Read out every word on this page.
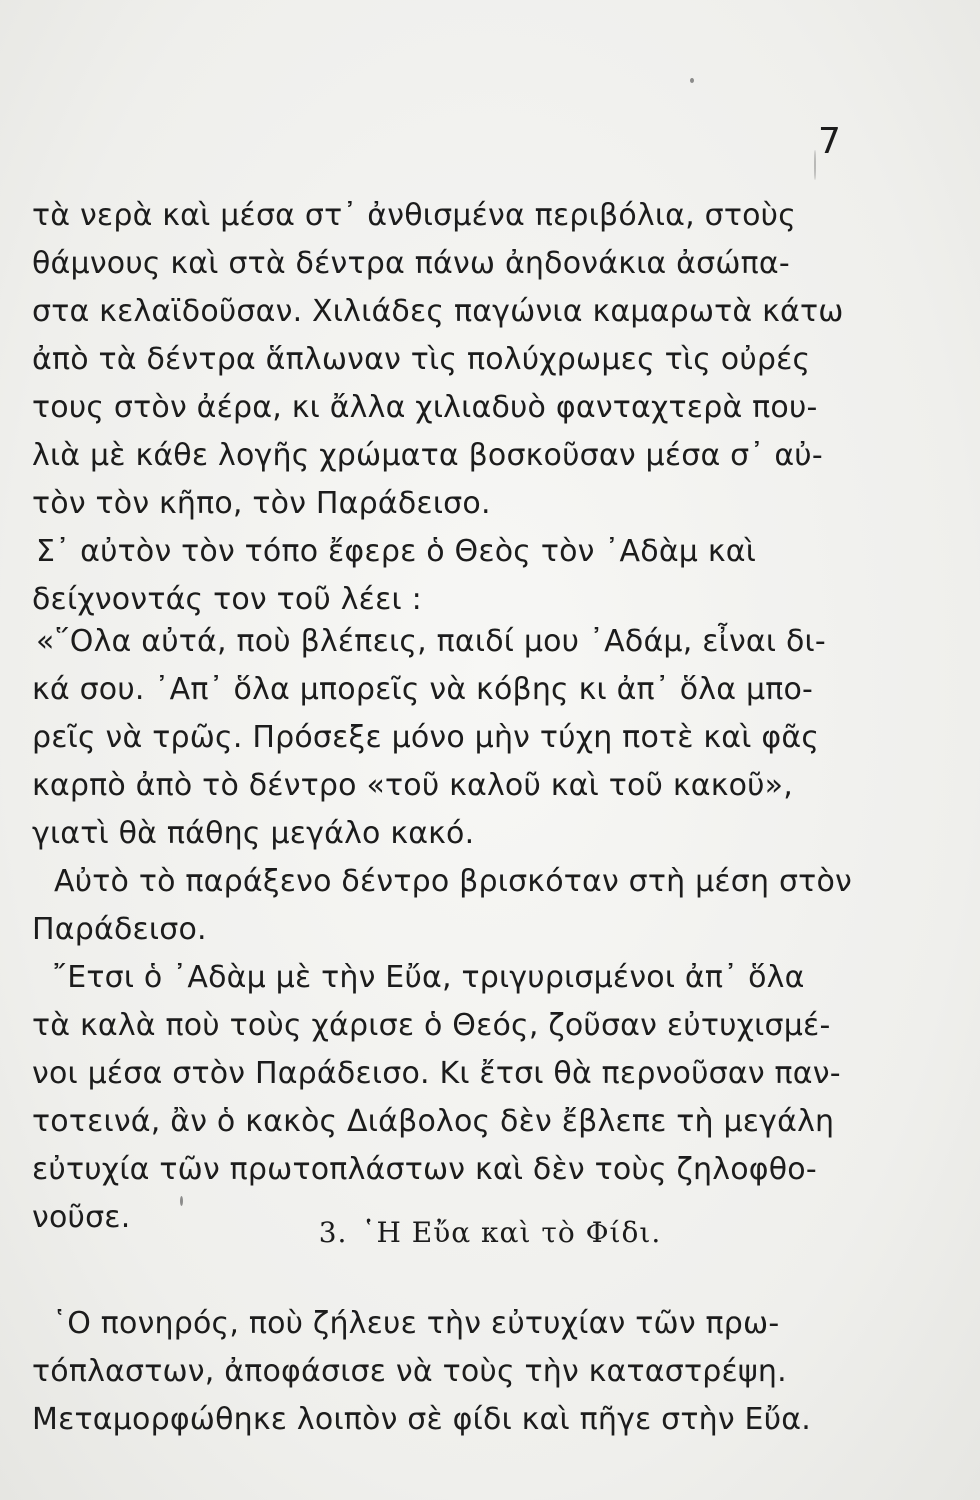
7
τὰ νερὰ καὶ μέσα στ᾽ ἀνθισμένα περιβόλια, στοὺς
θάμνους καὶ στὰ δέντρα πάνω ἀηδονάκια ἀσώπα-
στα κελαϊδοῦσαν. Χιλιάδες παγώνια καμαρωτὰ κάτω
ἀπὸ τὰ δέντρα ἅπλωναν τὶς πολύχρωμες τὶς οὐρές
τους στὸν ἀέρα, κι ἄλλα χιλιαδυὸ φανταχτερὰ που-
λιὰ μὲ κάθε λογῆς χρώματα βοσκοῦσαν μέσα σ᾽ αὐ-
τὸν τὸν κῆπο, τὸν Παράδεισο.
Σ᾽ αὐτὸν τὸν τόπο ἔφερε ὁ Θεὸς τὸν ᾽Αδὰμ καὶ
δείχνοντάς τον τοῦ λέει :
«῞Ολα αὐτά, ποὺ βλέπεις, παιδί μου ᾽Αδάμ, εἶναι δι-
κά σου. ᾽Απ᾽ ὅλα μπορεῖς νὰ κόβης κι ἀπ᾽ ὅλα μπο-
ρεῖς νὰ τρῶς. Πρόσεξε μόνο μὴν τύχη ποτὲ καὶ φᾶς
καρπὸ ἀπὸ τὸ δέντρο «τοῦ καλοῦ καὶ τοῦ κακοῦ»,
γιατὶ θὰ πάθης μεγάλο κακό.
Αὐτὸ τὸ παράξενο δέντρο βρισκόταν στὴ μέση στὸν
Παράδεισο.
῎Ετσι ὁ ᾽Αδὰμ μὲ τὴν Εὔα, τριγυρισμένοι ἀπ᾽ ὅλα
τὰ καλὰ ποὺ τοὺς χάρισε ὁ Θεός, ζοῦσαν εὐτυχισμέ-
νοι μέσα στὸν Παράδεισο. Κι ἔτσι θὰ περνοῦσαν παν-
τοτεινά, ἂν ὁ κακὸς Διάβολος δὲν ἔβλεπε τὴ μεγάλη
εὐτυχία τῶν πρωτοπλάστων καὶ δὲν τοὺς ζηλοφθο-
νοῦσε.
῾Ο πονηρός, ποὺ ζήλευε τὴν εὐτυχίαν τῶν πρω-
τόπλαστων, ἀποφάσισε νὰ τοὺς τὴν καταστρέψη.
Μεταμορφώθηκε λοιπὸν σὲ φίδι καὶ πῆγε στὴν Εὔα.
3. ῾Η Εὔα καὶ τὸ Φίδι.
